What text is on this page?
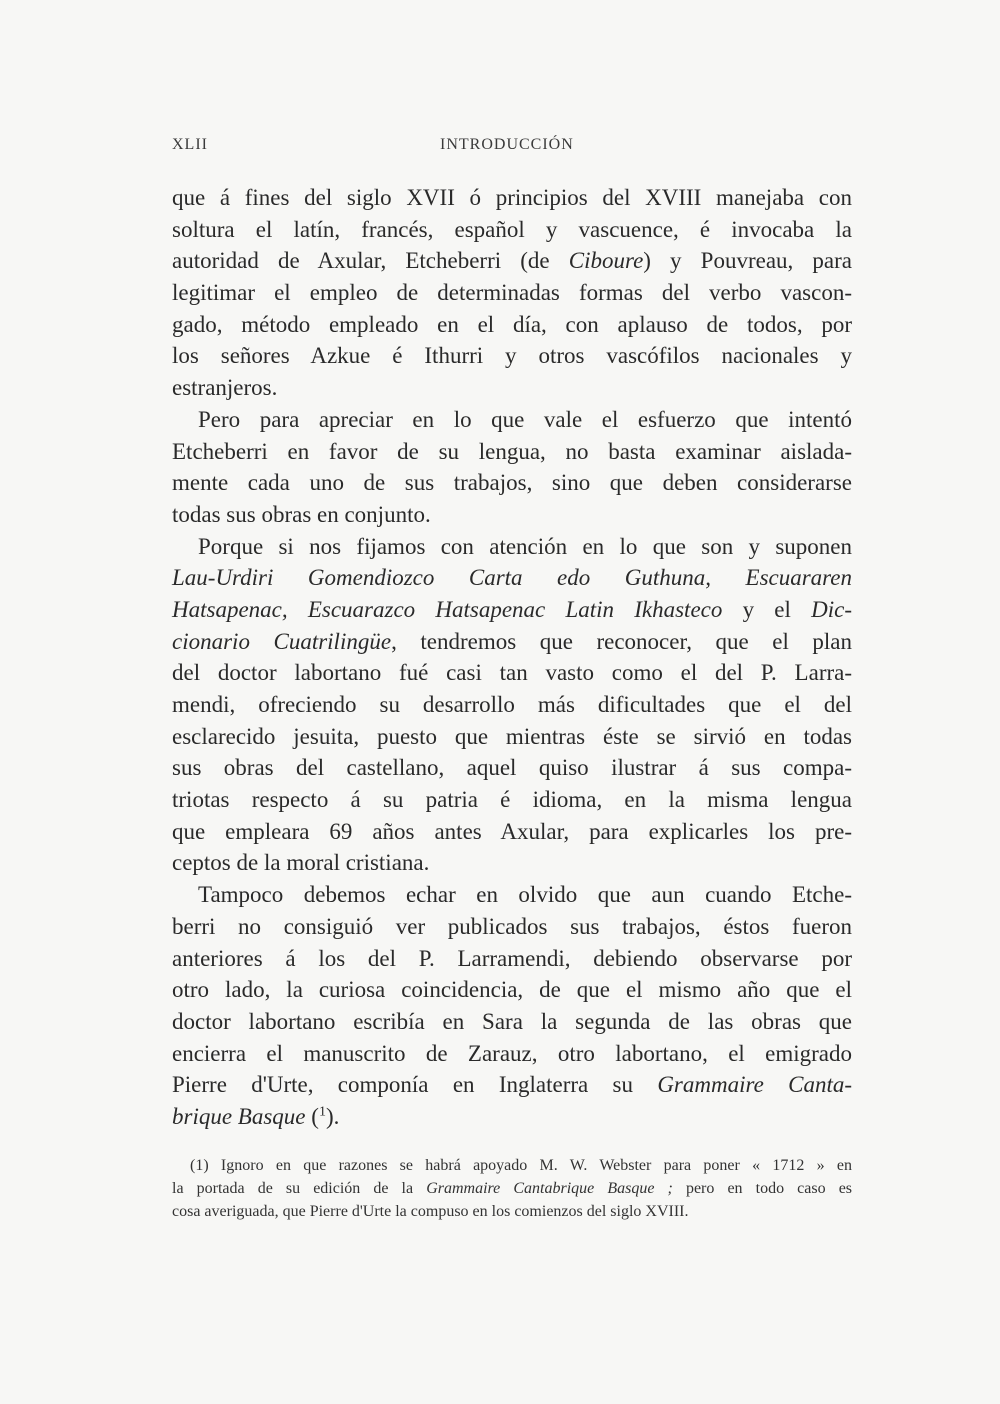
XLII	INTRODUCCIÓN
que á fines del siglo XVII ó principios del XVIII manejaba con
soltura el latín, francés, español y vascuence, é invocaba la
autoridad de Axular, Etcheberri (de Ciboure) y Pouvreau, para
legitimar el empleo de determinadas formas del verbo vascon-
gado, método empleado en el día, con aplauso de todos, por
los señores Azkue é Ithurri y otros vascófilos nacionales y
estranjeros.
Pero para apreciar en lo que vale el esfuerzo que intentó
Etcheberri en favor de su lengua, no basta examinar aislada-
mente cada uno de sus trabajos, sino que deben considerarse
todas sus obras en conjunto.
Porque si nos fijamos con atención en lo que son y suponen
Lau-Urdiri Gomendiozco Carta edo Guthuna, Escuararen
Hatsapenac, Escuarazco Hatsapenac Latin Ikhasteco y el Dic-
cionario Cuatrilingüe, tendremos que reconocer, que el plan
del doctor labortano fué casi tan vasto como el del P. Larra-
mendi, ofreciendo su desarrollo más dificultades que el del
esclarecido jesuita, puesto que mientras éste se sirvió en todas
sus obras del castellano, aquel quiso ilustrar á sus compa-
triotas respecto á su patria é idioma, en la misma lengua
que empleara 69 años antes Axular, para explicarles los pre-
ceptos de la moral cristiana.
Tampoco debemos echar en olvido que aun cuando Etche-
berri no consiguió ver publicados sus trabajos, éstos fueron
anteriores á los del P. Larramendi, debiendo observarse por
otro lado, la curiosa coincidencia, de que el mismo año que el
doctor labortano escribía en Sara la segunda de las obras que
encierra el manuscrito de Zarauz, otro labortano, el emigrado
Pierre d'Urte, componía en Inglaterra su Grammaire Canta-
brique Basque ($^1$).
(1) Ignoro en que razones se habrá apoyado M. W. Webster para poner « 1712 » en
la portada de su edición de la Grammaire Cantabrique Basque ; pero en todo caso es
cosa averiguada, que Pierre d'Urte la compuso en los comienzos del siglo XVIII.
